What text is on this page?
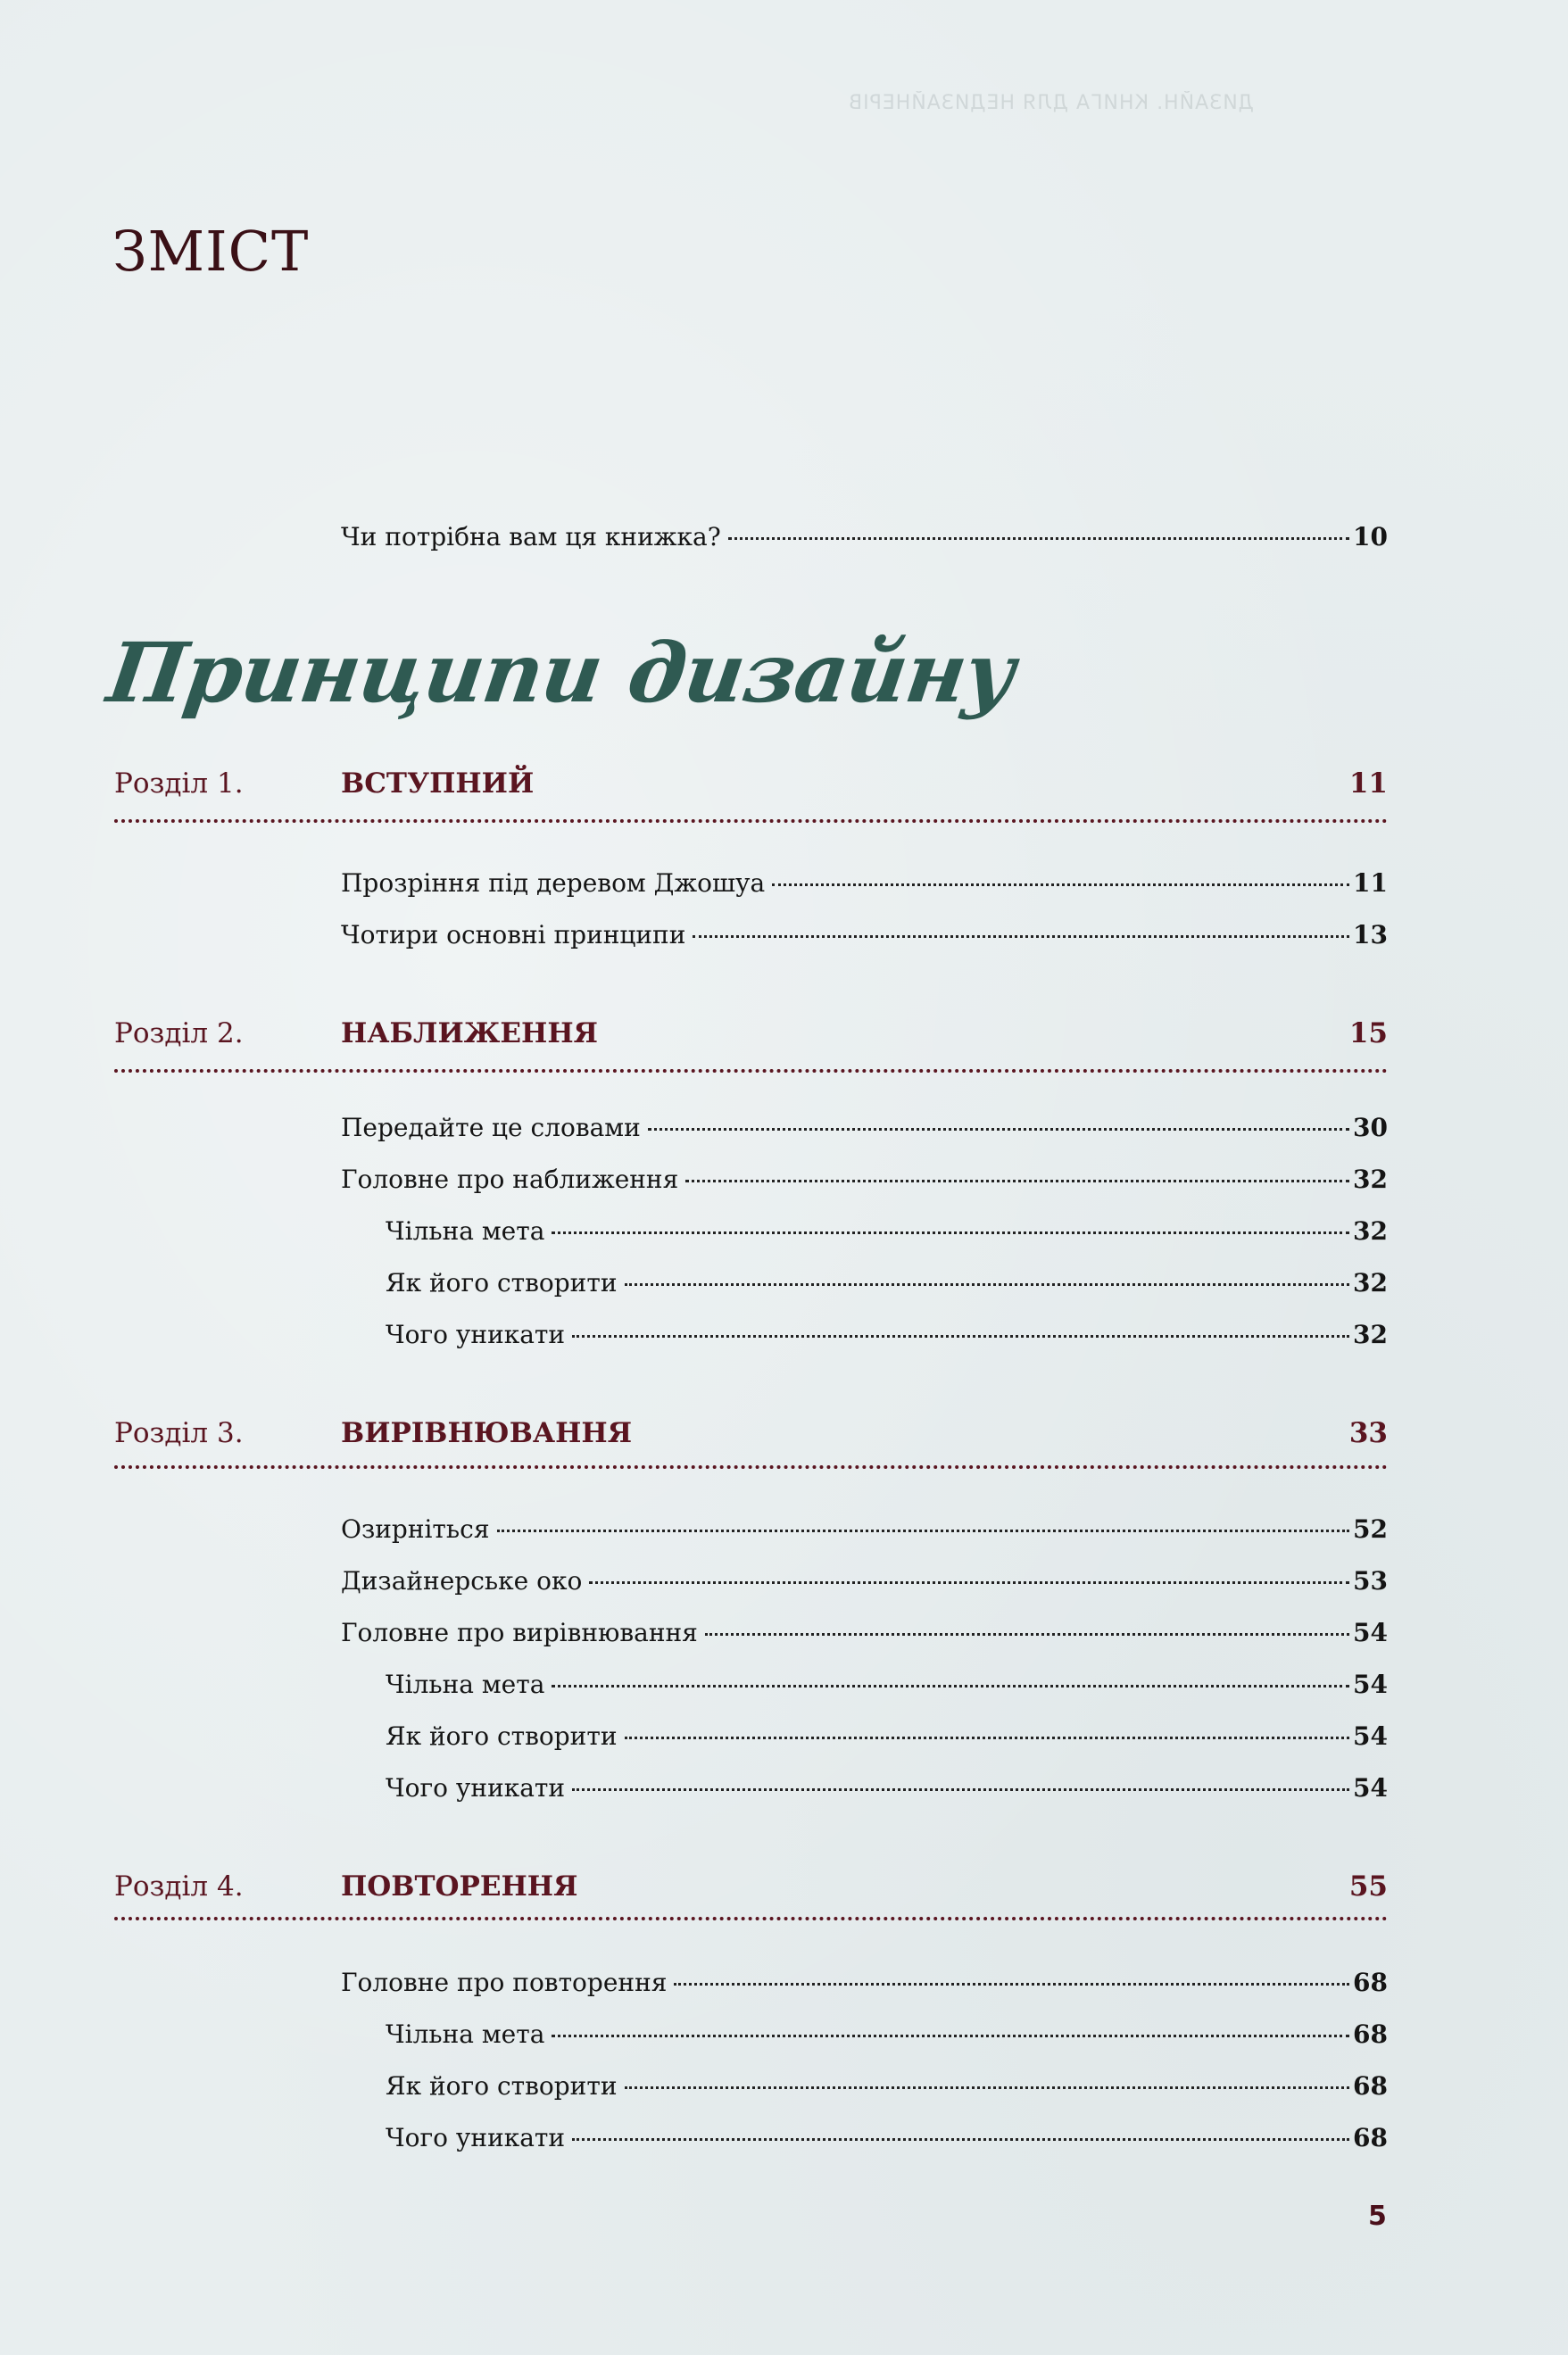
ДИЗАЙН. КНИГА ДЛЯ НЕДИЗАЙНЕРІВ
ЗМІСТ
Чи потрібна вам ця книжка?	10
Принципи дизайну
Розділ 1.	ВСТУПНИЙ	11
Прозріння під деревом Джошуа	11
Чотири основні принципи	13
Розділ 2.	НАБЛИЖЕННЯ	15
Передайте це словами	30
Головне про наближення	32
Чільна мета	32
Як його створити	32
Чого уникати	32
Розділ 3.	ВИРІВНЮВАННЯ	33
Озирніться	52
Дизайнерське око	53
Головне про вирівнювання	54
Чільна мета	54
Як його створити	54
Чого уникати	54
Розділ 4.	ПОВТОРЕННЯ	55
Головне про повторення	68
Чільна мета	68
Як його створити	68
Чого уникати	68
5
